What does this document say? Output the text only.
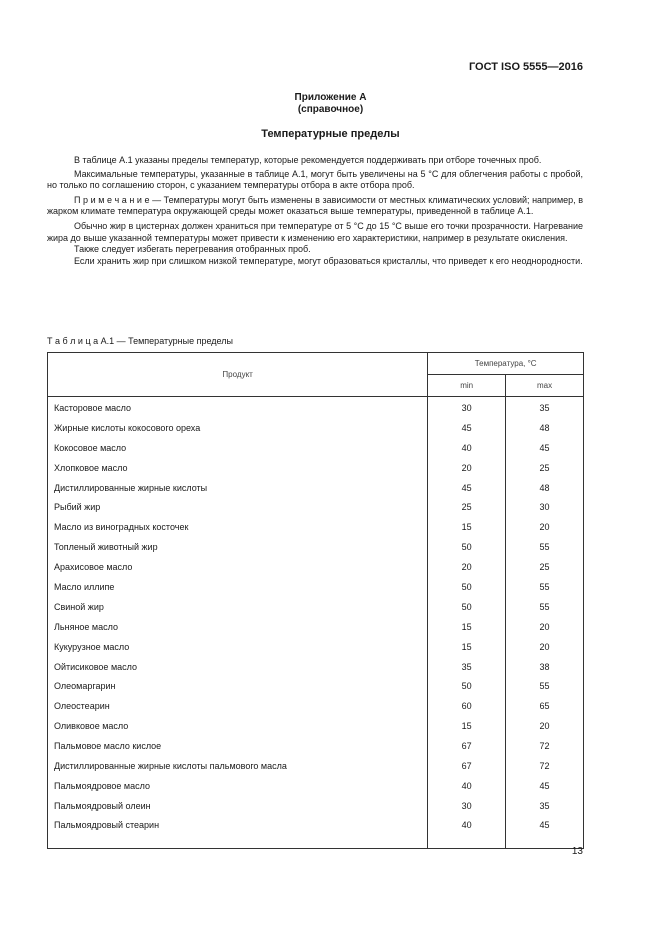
ГОСТ ISO 5555—2016
Приложение А
(справочное)
Температурные пределы

В таблице А.1 указаны пределы температур, которые рекомендуется поддерживать при отборе точечных проб.

Максимальные температуры, указанные в таблице А.1, могут быть увеличены на 5 °С для облегчения работы с пробой, но только по соглашению сторон, с указанием температуры отбора в акте отбора проб.

П р и м е ч а н и е — Температуры могут быть изменены в зависимости от местных климатических условий; например, в жарком климате температура окружающей среды может оказаться выше температуры, приведенной в таблице А.1.

Обычно жир в цистернах должен храниться при температуре от 5 °С до 15 °С выше его точки прозрачности. Нагревание жира до выше указанной температуры может привести к изменению его характеристики, например в результате окисления.

Также следует избегать перегревания отобранных проб.

Если хранить жир при слишком низкой температуре, могут образоваться кристаллы, что приведет к его неоднородности.

Т а б л и ц а А.1 — Температурные пределы
Продукт	Температура, °С	
	min	max
Касторовое масло	30	35
Жирные кислоты кокосового ореха	45	48
Кокосовое масло	40	45
Хлопковое масло	20	25
Дистиллированные жирные кислоты	45	48
Рыбий жир	25	30
Масло из виноградных косточек	15	20
Топленый животный жир	50	55
Арахисовое масло	20	25
Масло иллипе	50	55
Свиной жир	50	55
Льняное масло	15	20
Кукурузное масло	15	20
Ойтисиковое масло	35	38
Олеомаргарин	50	55
Олеостеарин	60	65
Оливковое масло	15	20
Пальмовое масло кислое	67	72
Дистиллированные жирные кислоты пальмового масла	67	72
Пальмоядровое масло	40	45
Пальмоядровый олеин	30	35
Пальмоядровый стеарин	40	45
13
